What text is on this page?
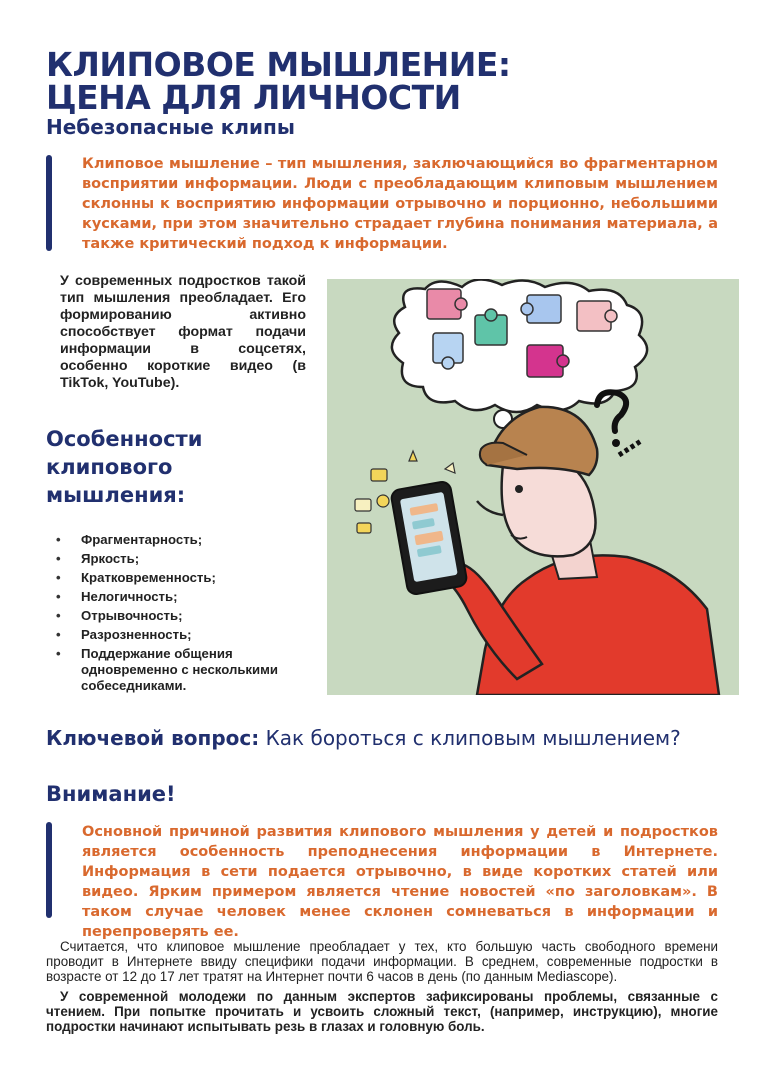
КЛИПОВОЕ МЫШЛЕНИЕ:
ЦЕНА ДЛЯ ЛИЧНОСТИ
Небезопасные клипы

Клиповое мышление – тип мышления, заключающийся во фрагментарном восприятии информации. Люди с преобладающим клиповым мышлением склонны к восприятию информации отрывочно и порционно, небольшими кусками, при этом значительно страдает глубина понимания материала, а также критический подход к информации.

У современных подростков такой тип мышления преобладает. Его формированию активно способствует формат подачи информации в соцсетях, особенно короткие видео (в TikTok, YouTube).

Особенности клипового мышления:
• Фрагментарность;
• Яркость;
• Кратковременность;
• Нелогичность;
• Отрывочность;
• Разрозненность;
• Поддержание общения одновременно с несколькими собеседниками.

Ключевой вопрос: Как бороться с клиповым мышлением?

Внимание!

Основной причиной развития клипового мышления у детей и подростков является особенность преподнесения информации в Интернете. Информация в сети подается отрывочно, в виде коротких статей или видео. Ярким примером является чтение новостей «по заголовкам». В таком случае человек менее склонен сомневаться в информации и перепроверять ее.

Считается, что клиповое мышление преобладает у тех, кто большую часть свободного времени проводит в Интернете ввиду специфики подачи информации. В среднем, современные подростки в возрасте от 12 до 17 лет тратят на Интернет почти 6 часов в день (по данным Mediascope).

У современной молодежи по данным экспертов зафиксированы проблемы, связанные с чтением. При попытке прочитать и усвоить сложный текст, (например, инструкцию), многие подростки начинают испытывать резь в глазах и головную боль.
